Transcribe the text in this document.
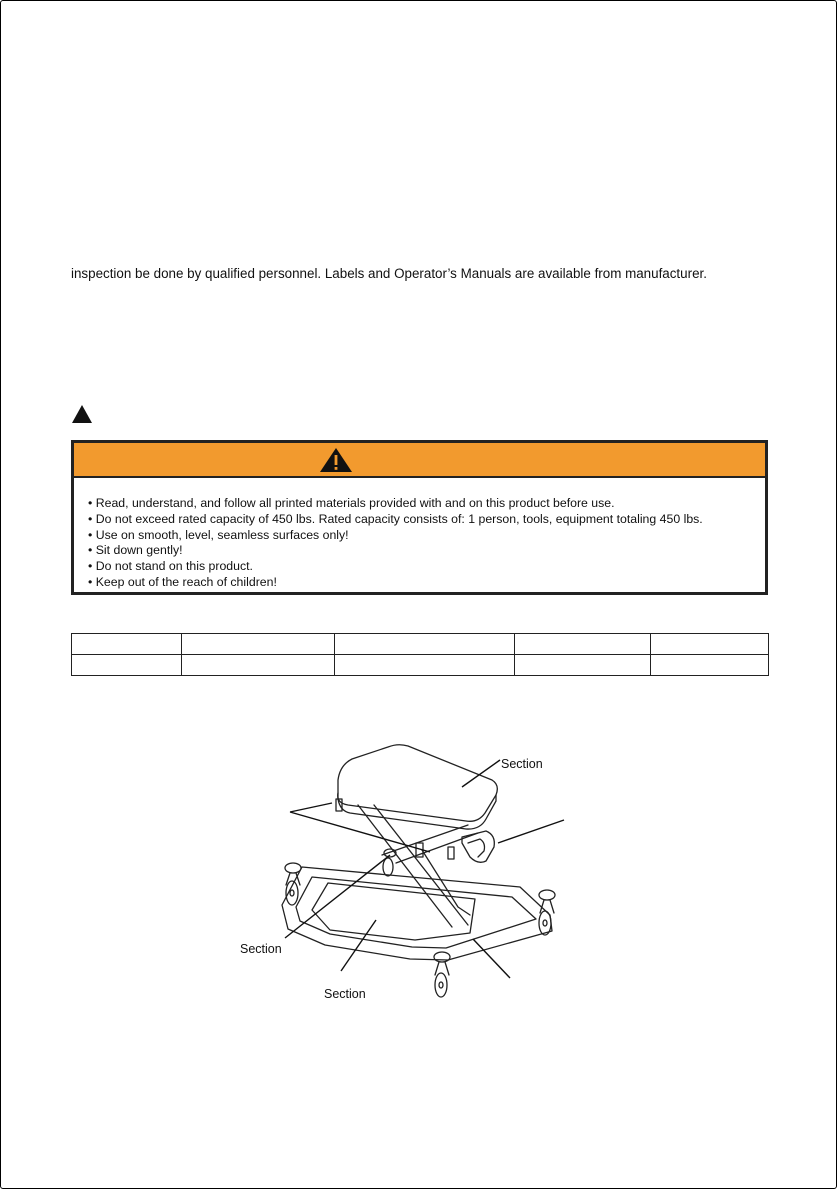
inspection be done by qualified personnel. Labels and Operator’s Manuals are available from manufacturer.
• Read, understand, and follow all printed materials provided with and on this product before use.
• Do not exceed rated capacity of 450 lbs. Rated capacity consists of: 1 person, tools, equipment totaling 450 lbs.
• Use on smooth, level, seamless surfaces only!
• Sit down gently!
• Do not stand on this product.
• Keep out of the reach of children!

Section
Section
Section
